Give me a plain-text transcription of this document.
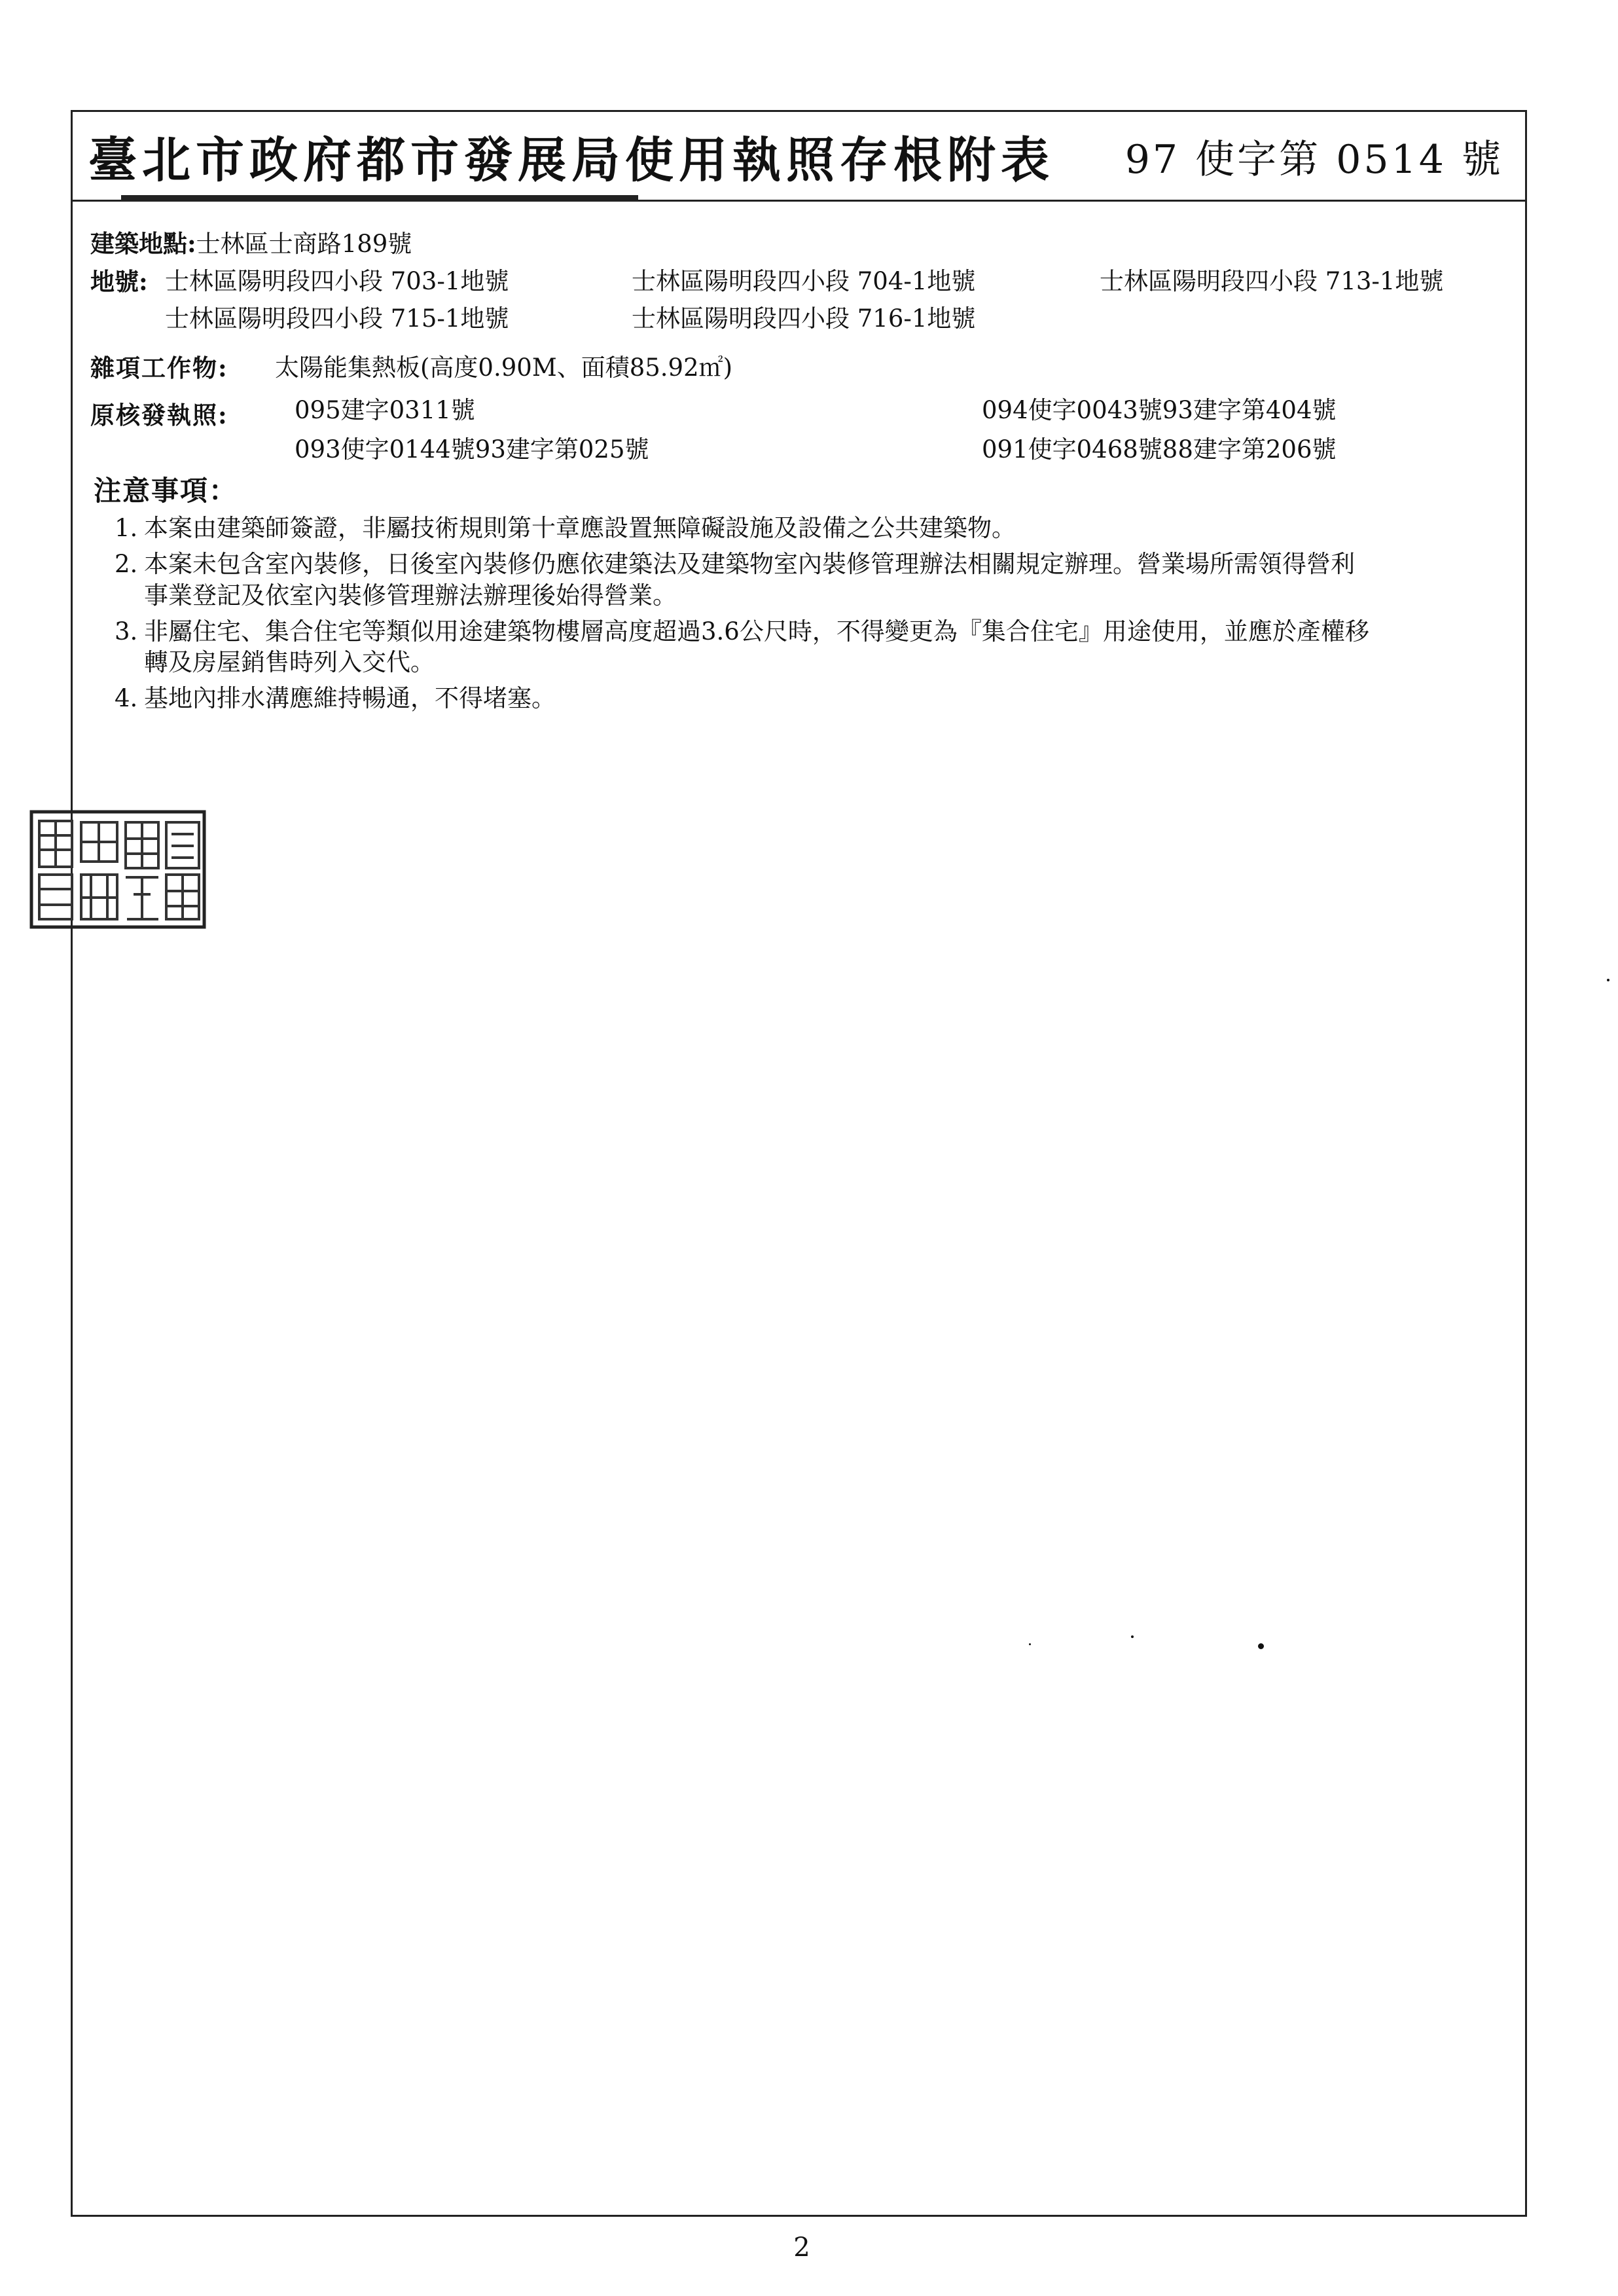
臺北市政府都市發展局使用執照存根附表 97 使字第 0514 號
建築地點:士林區士商路189號
地號: 士林區陽明段四小段 703-1地號	士林區陽明段四小段 704-1地號	士林區陽明段四小段 713-1地號
士林區陽明段四小段 715-1地號	士林區陽明段四小段 716-1地號
雜項工作物: 太陽能集熱板(高度0.90M、面積85.92㎡)
原核發執照:	095建字0311號	094使字0043號93建字第404號
093使字0144號93建字第025號	091使字0468號88建字第206號
注意事項：
1. 本案由建築師簽證，非屬技術規則第十章應設置無障礙設施及設備之公共建築物。
2. 本案未包含室內裝修，日後室內裝修仍應依建築法及建築物室內裝修管理辦法相關規定辦理。營業場所需領得營利
事業登記及依室內裝修管理辦法辦理後始得營業。
3. 非屬住宅、集合住宅等類似用途建築物樓層高度超過3.6公尺時，不得變更為『集合住宅』用途使用，並應於產權移
轉及房屋銷售時列入交代。
4. 基地內排水溝應維持暢通，不得堵塞。
2
